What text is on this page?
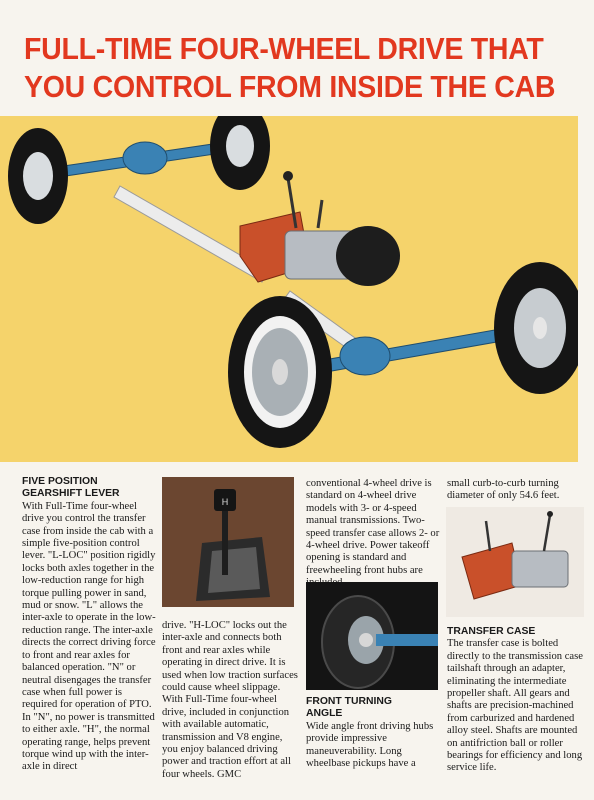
FULL-TIME FOUR-WHEEL DRIVE THAT
YOU CONTROL FROM INSIDE THE CAB
FIVE POSITION
GEARSHIFT LEVER

With Full-Time four-wheel drive you control the transfer case from inside the cab with a simple five-position control lever. "L-LOC" position rigidly locks both axles together in the low-reduction range for high torque pulling power in sand, mud or snow. "L" allows the inter-axle to operate in the low-reduction range. The inter-axle directs the correct driving force to front and rear axles for balanced operation. "N" or neutral disengages the transfer case when full power is required for operation of PTO. In "N", no power is transmitted to either axle. "H", the normal operating range, helps prevent torque wind up with the inter-axle in direct

H

drive. "H-LOC" locks out the inter-axle and connects both front and rear axles while operating in direct drive. It is used when low traction surfaces could cause wheel slippage. With Full-Time four-wheel drive, included in conjunction with available automatic, transmission and V8 engine, you enjoy balanced driving power and traction effort at all four wheels. GMC

conventional 4-wheel drive is standard on 4-wheel drive models with 3- or 4-speed manual transmissions. Two-speed transfer case allows 2- or 4-wheel drive. Power takeoff opening is standard and freewheeling front hubs are

FRONT TURNING
ANGLE

Wide angle front driving hubs provide impressive maneuverability. Long wheelbase pickups have a

small curb-to-curb turning diameter of only 54.6 feet.

TRANSFER CASE

The transfer case is bolted directly to the transmission case tailshaft through an adapter, eliminating the intermediate propeller shaft. All gears and shafts are precision-machined from carburized and hardened alloy steel. Shafts are mounted on antifriction ball or roller bearings for efficiency and long service life.
